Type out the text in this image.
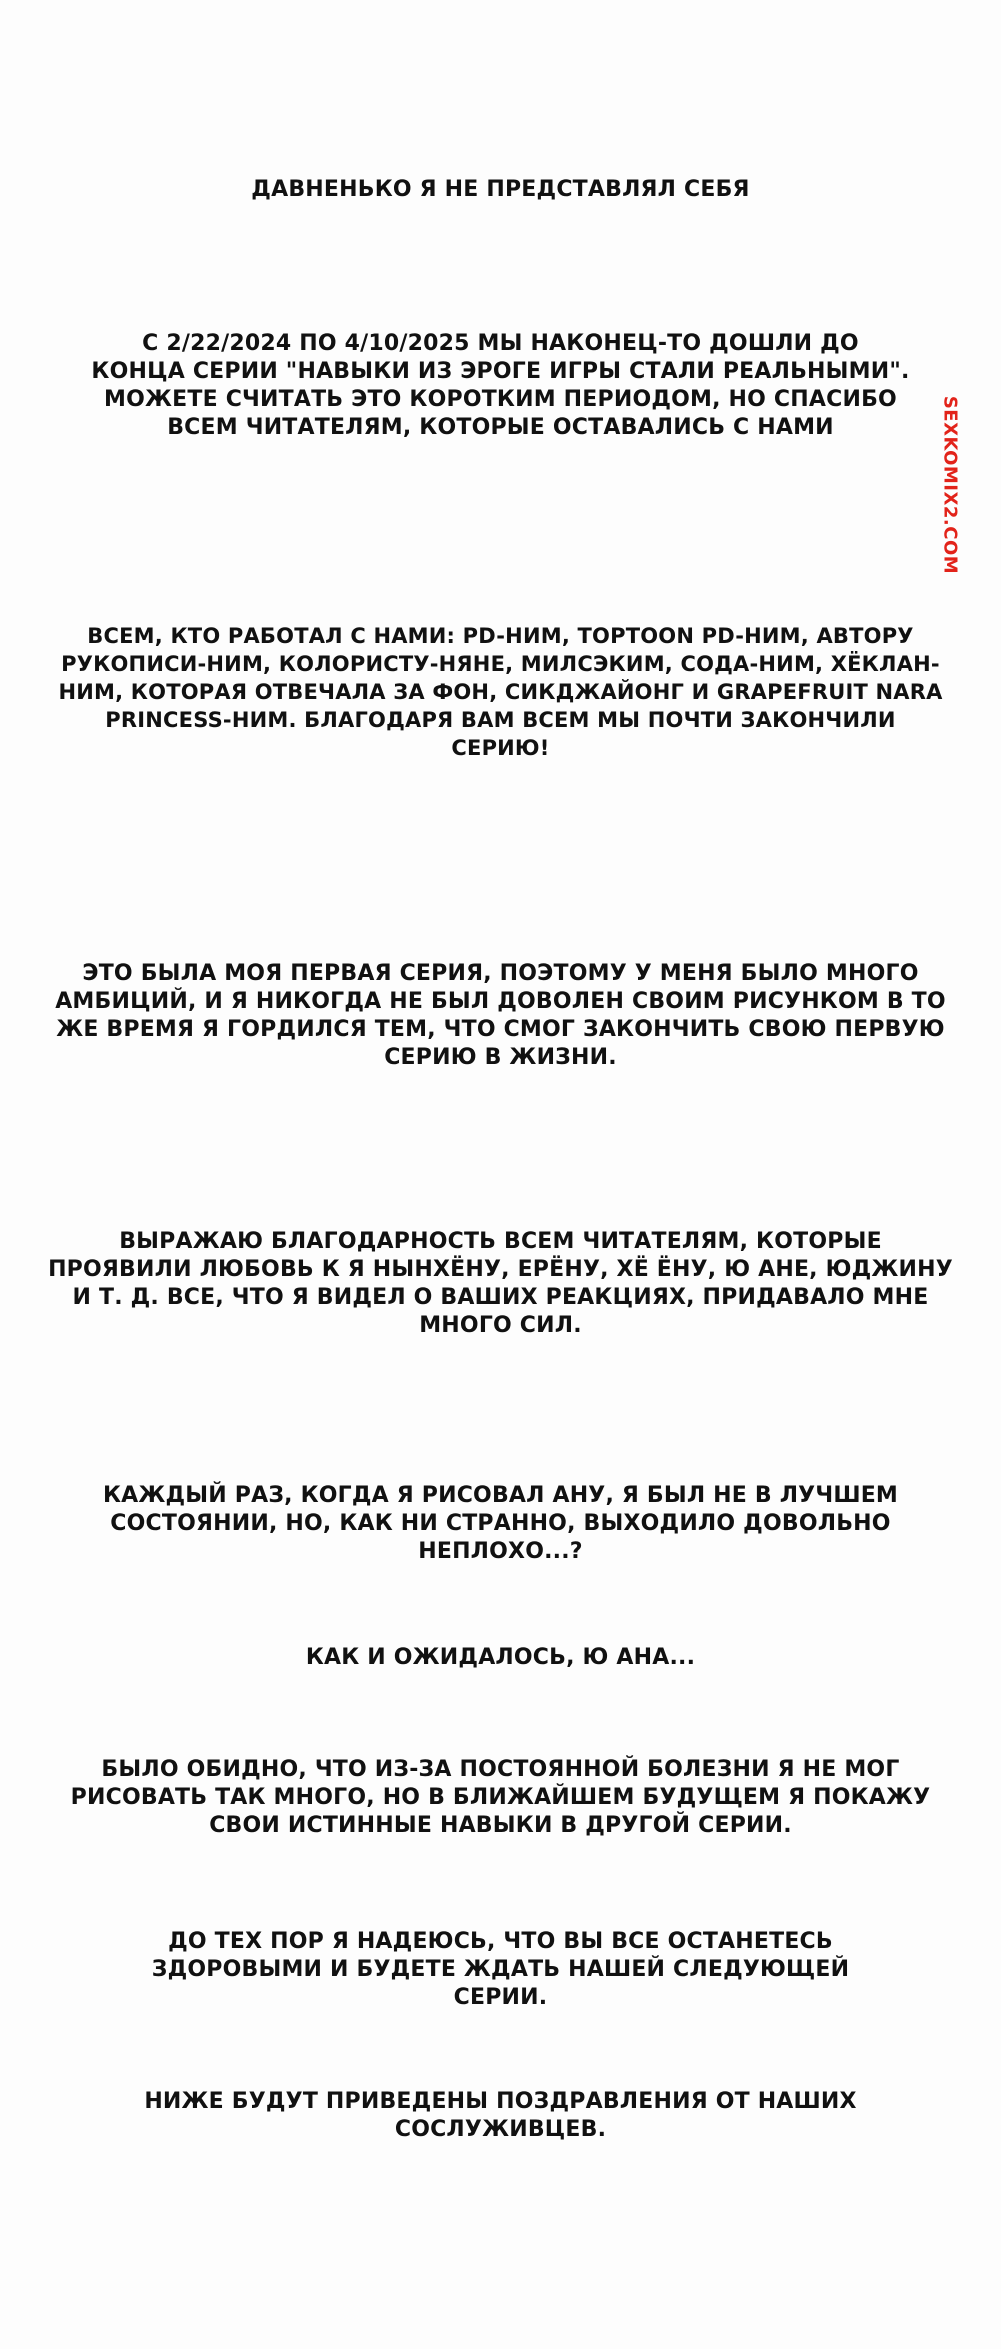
ДАВНЕНЬКО Я НЕ ПРЕДСТАВЛЯЛ СЕБЯ

С 2/22/2024 ПО 4/10/2025 МЫ НАКОНЕЦ-ТО ДОШЛИ ДО
КОНЦА СЕРИИ "НАВЫКИ ИЗ ЭРОГЕ ИГРЫ СТАЛИ РЕАЛЬНЫМИ".
МОЖЕТЕ СЧИТАТЬ ЭТО КОРОТКИМ ПЕРИОДОМ, НО СПАСИБО
ВСЕМ ЧИТАТЕЛЯМ, КОТОРЫЕ ОСТАВАЛИСЬ С НАМИ

ВСЕМ, КТО РАБОТАЛ С НАМИ: PD-НИМ, TOPTOON PD-НИМ, АВТОРУ
РУКОПИСИ-НИМ, КОЛОРИСТУ-НЯНЕ, МИЛСЭКИМ, СОДА-НИМ, ХЁКЛАН-
НИМ, КОТОРАЯ ОТВЕЧАЛА ЗА ФОН, СИКДЖАЙОНГ И GRAPEFRUIT NARA
PRINCESS-НИМ. БЛАГОДАРЯ ВАМ ВСЕМ МЫ ПОЧТИ ЗАКОНЧИЛИ
СЕРИЮ!

ЭТО БЫЛА МОЯ ПЕРВАЯ СЕРИЯ, ПОЭТОМУ У МЕНЯ БЫЛО МНОГО
АМБИЦИЙ, И Я НИКОГДА НЕ БЫЛ ДОВОЛЕН СВОИМ РИСУНКОМ В ТО
ЖЕ ВРЕМЯ Я ГОРДИЛСЯ ТЕМ, ЧТО СМОГ ЗАКОНЧИТЬ СВОЮ ПЕРВУЮ
СЕРИЮ В ЖИЗНИ.

ВЫРАЖАЮ БЛАГОДАРНОСТЬ ВСЕМ ЧИТАТЕЛЯМ, КОТОРЫЕ
ПРОЯВИЛИ ЛЮБОВЬ К Я НЫНХЁНУ, ЕРЁНУ, ХЁ ЁНУ, Ю АНЕ, ЮДЖИНУ
И Т. Д. ВСЕ, ЧТО Я ВИДЕЛ О ВАШИХ РЕАКЦИЯХ, ПРИДАВАЛО МНЕ
МНОГО СИЛ.

КАЖДЫЙ РАЗ, КОГДА Я РИСОВАЛ АНУ, Я БЫЛ НЕ В ЛУЧШЕМ
СОСТОЯНИИ, НО, КАК НИ СТРАННО, ВЫХОДИЛО ДОВОЛЬНО
НЕПЛОХО...?

КАК И ОЖИДАЛОСЬ, Ю АНА...

БЫЛО ОБИДНО, ЧТО ИЗ-ЗА ПОСТОЯННОЙ БОЛЕЗНИ Я НЕ МОГ
РИСОВАТЬ ТАК МНОГО, НО В БЛИЖАЙШЕМ БУДУЩЕМ Я ПОКАЖУ
СВОИ ИСТИННЫЕ НАВЫКИ В ДРУГОЙ СЕРИИ.

ДО ТЕХ ПОР Я НАДЕЮСЬ, ЧТО ВЫ ВСЕ ОСТАНЕТЕСЬ
ЗДОРОВЫМИ И БУДЕТЕ ЖДАТЬ НАШЕЙ СЛЕДУЮЩЕЙ
СЕРИИ.

НИЖЕ БУДУТ ПРИВЕДЕНЫ ПОЗДРАВЛЕНИЯ ОТ НАШИХ
СОСЛУЖИВЦЕВ.

SEXKOMIX2.COM
